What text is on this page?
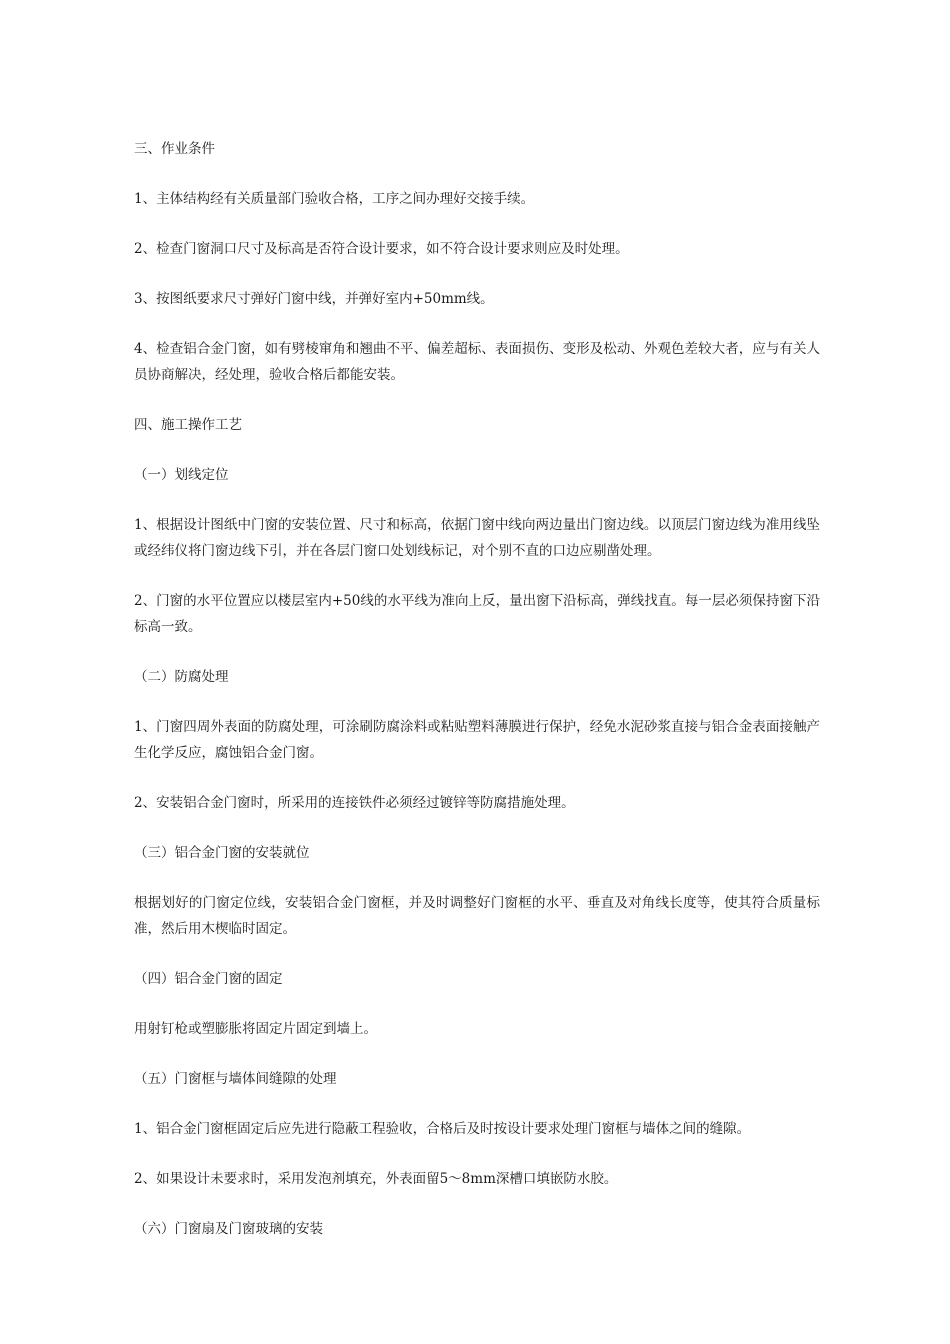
三、作业条件

1、主体结构经有关质量部门验收合格，工序之间办理好交接手续。

2、检查门窗洞口尺寸及标高是否符合设计要求，如不符合设计要求则应及时处理。

3、按图纸要求尺寸弹好门窗中线，并弹好室内+50mm线。

4、检查铝合金门窗，如有劈棱窜角和翘曲不平、偏差超标、表面损伤、变形及松动、外观色差较大者，应与有关人员协商解决，经处理，验收合格后都能安装。

四、施工操作工艺
（一）划线定位

1、根据设计图纸中门窗的安装位置、尺寸和标高，依据门窗中线向两边量出门窗边线。以顶层门窗边线为准用线坠或经纬仪将门窗边线下引，并在各层门窗口处划线标记，对个别不直的口边应剔凿处理。

2、门窗的水平位置应以楼层室内+50线的水平线为准向上反，量出窗下沿标高，弹线找直。每一层必须保持窗下沿标高一致。

（二）防腐处理

1、门窗四周外表面的防腐处理，可涂刷防腐涂料或粘贴塑料薄膜进行保护，经免水泥砂浆直接与铝合金表面接触产生化学反应，腐蚀铝合金门窗。

2、安装铝合金门窗时，所采用的连接铁件必须经过镀锌等防腐措施处理。

（三）铝合金门窗的安装就位

根据划好的门窗定位线，安装铝合金门窗框，并及时调整好门窗框的水平、垂直及对角线长度等，使其符合质量标准，然后用木楔临时固定。

（四）铝合金门窗的固定

用射钉枪或塑膨胀将固定片固定到墙上。

（五）门窗框与墙体间缝隙的处理

1、铝合金门窗框固定后应先进行隐蔽工程验收，合格后及时按设计要求处理门窗框与墙体之间的缝隙。

2、如果设计未要求时，采用发泡剂填充，外表面留5～8mm深槽口填嵌防水胶。

（六）门窗扇及门窗玻璃的安装
